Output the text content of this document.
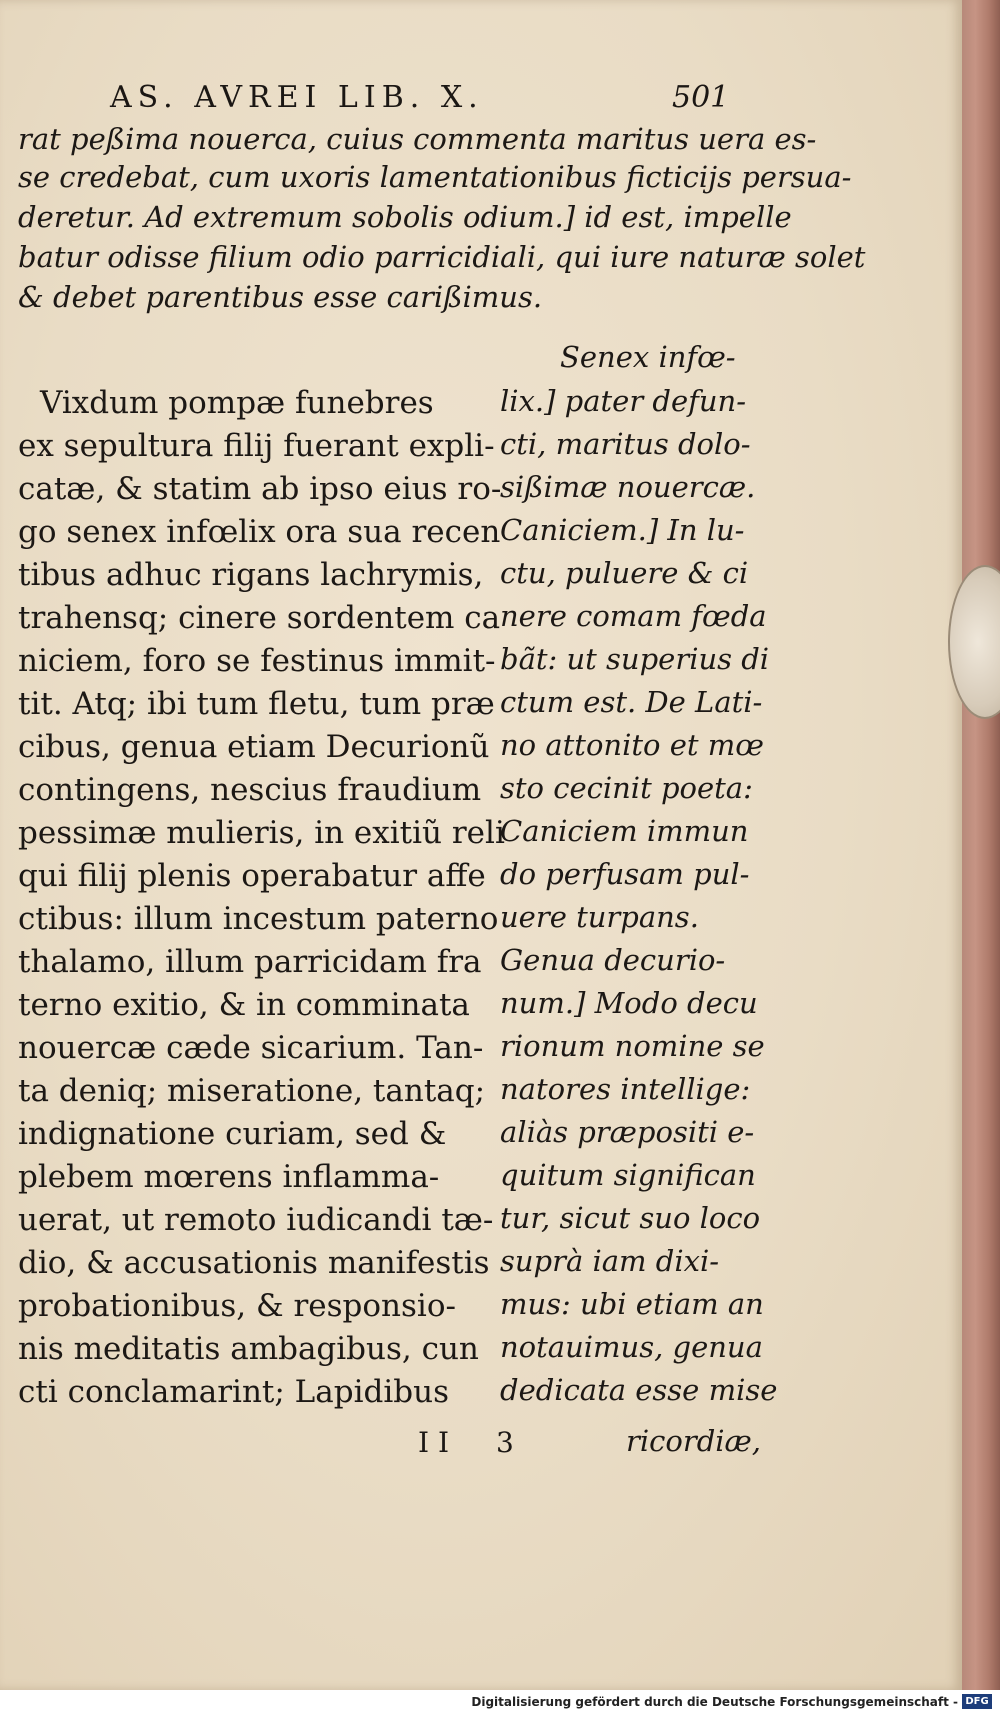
AS. AVREI LIB. X.	501
rat peßima nouerca, cuius commenta maritus uera es-
se credebat, cum uxoris lamentationibus ficticijs persua-
deretur. Ad extremum sobolis odium.] id est, impelle
batur odisse filium odio parricidiali, qui iure naturæ solet
& debet parentibus esse carißimus.
Vixdum pompæ funebres
ex sepultura filij fuerant expli-
catæ, & statim ab ipso eius ro-
go senex infœlix ora sua recen
tibus adhuc rigans lachrymis,
trahensq; cinere sordentem ca
niciem, foro se festinus immit-
tit. Atq; ibi tum fletu, tum præ
cibus, genua etiam Decurionũ
contingens, nescius fraudium
pessimæ mulieris, in exitiũ reli
qui filij plenis operabatur affe
ctibus: illum incestum paterno
thalamo, illum parricidam fra
terno exitio, & in comminata
nouercæ cæde sicarium. Tan-
ta deniq; miseratione, tantaq;
indignatione curiam, sed &
plebem mœrens inflamma-
uerat, ut remoto iudicandi tæ-
dio, & accusationis manifestis
probationibus, & responsio-
nis meditatis ambagibus, cun
cti conclamarint; Lapidibus
Senex infœ-
lix.] pater defun-
cti, maritus dolo-
sißimæ nouercæ.
Caniciem.] In lu-
ctu, puluere & ci
nere comam fœda
bãt: ut superius di
ctum est. De Lati-
no attonito et mœ
sto cecinit poeta:
Caniciem immun
do perfusam pul-
uere turpans.
Genua decurio-
num.] Modo decu
rionum nomine se
natores intellige:
aliàs præpositi e-
quitum significan
tur, sicut suo loco
suprà iam dixi-
mus: ubi etiam an
notauimus, genua
dedicata esse mise
ricordiæ,
I I 3
Digitalisierung gefördert durch die Deutsche Forschungsgemeinschaft - DFG
